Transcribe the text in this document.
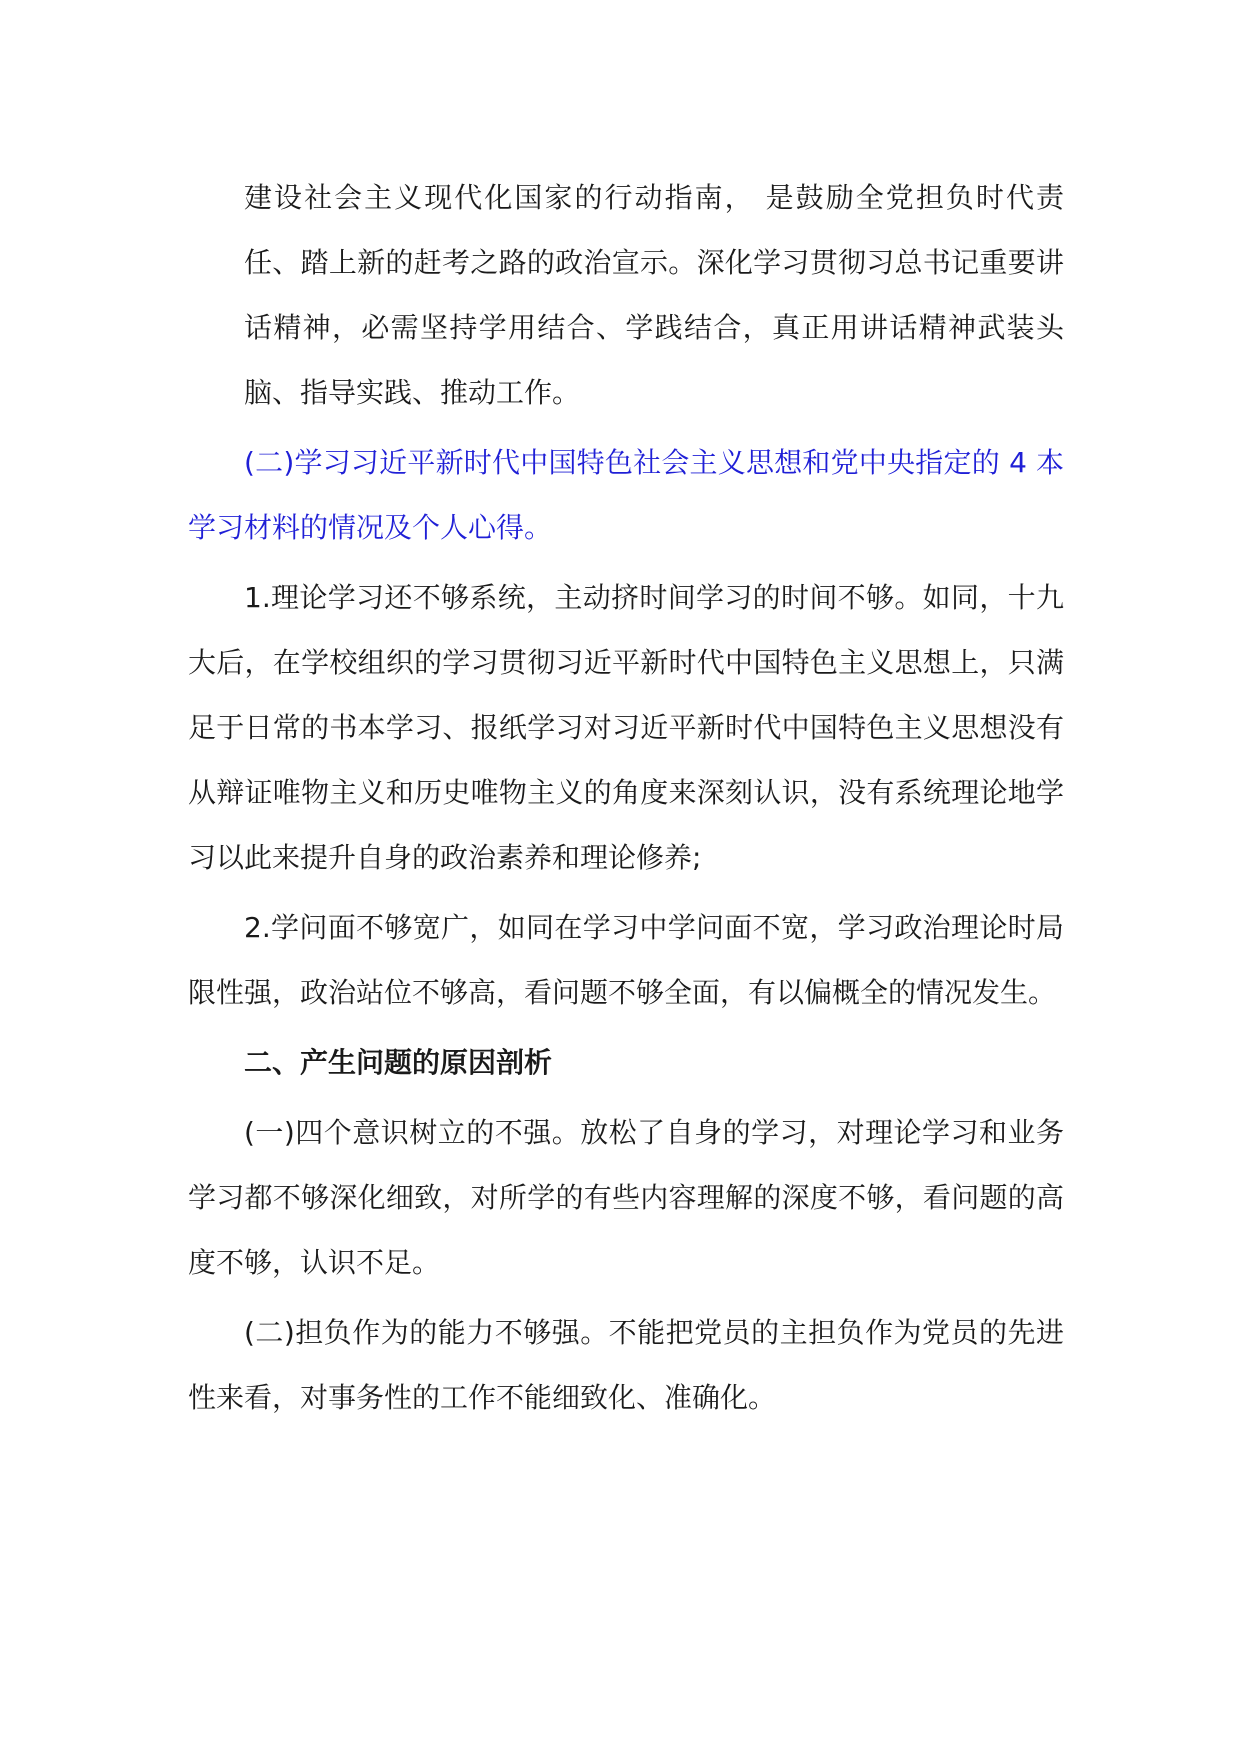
建设社会主义现代化国家的行动指南， 是鼓励全党担负时代责任、踏上新的赶考之路的政治宣示。深化学习贯彻习总书记重要讲话精神，必需坚持学用结合、学践结合，真正用讲话精神武装头脑、指导实践、推动工作。

(二)学习习近平新时代中国特色社会主义思想和党中央指定的 4 本学习材料的情况及个人心得。

1.理论学习还不够系统，主动挤时间学习的时间不够。如同，十九大后，在学校组织的学习贯彻习近平新时代中国特色主义思想上，只满足于日常的书本学习、报纸学习对习近平新时代中国特色主义思想没有从辩证唯物主义和历史唯物主义的角度来深刻认识，没有系统理论地学习以此来提升自身的政治素养和理论修养;

2.学问面不够宽广，如同在学习中学问面不宽，学习政治理论时局限性强，政治站位不够高，看问题不够全面，有以偏概全的情况发生。

二、产生问题的原因剖析

(一)四个意识树立的不强。放松了自身的学习，对理论学习和业务学习都不够深化细致，对所学的有些内容理解的深度不够，看问题的高度不够，认识不足。

(二)担负作为的能力不够强。不能把党员的主担负作为党员的先进性来看，对事务性的工作不能细致化、准确化。
